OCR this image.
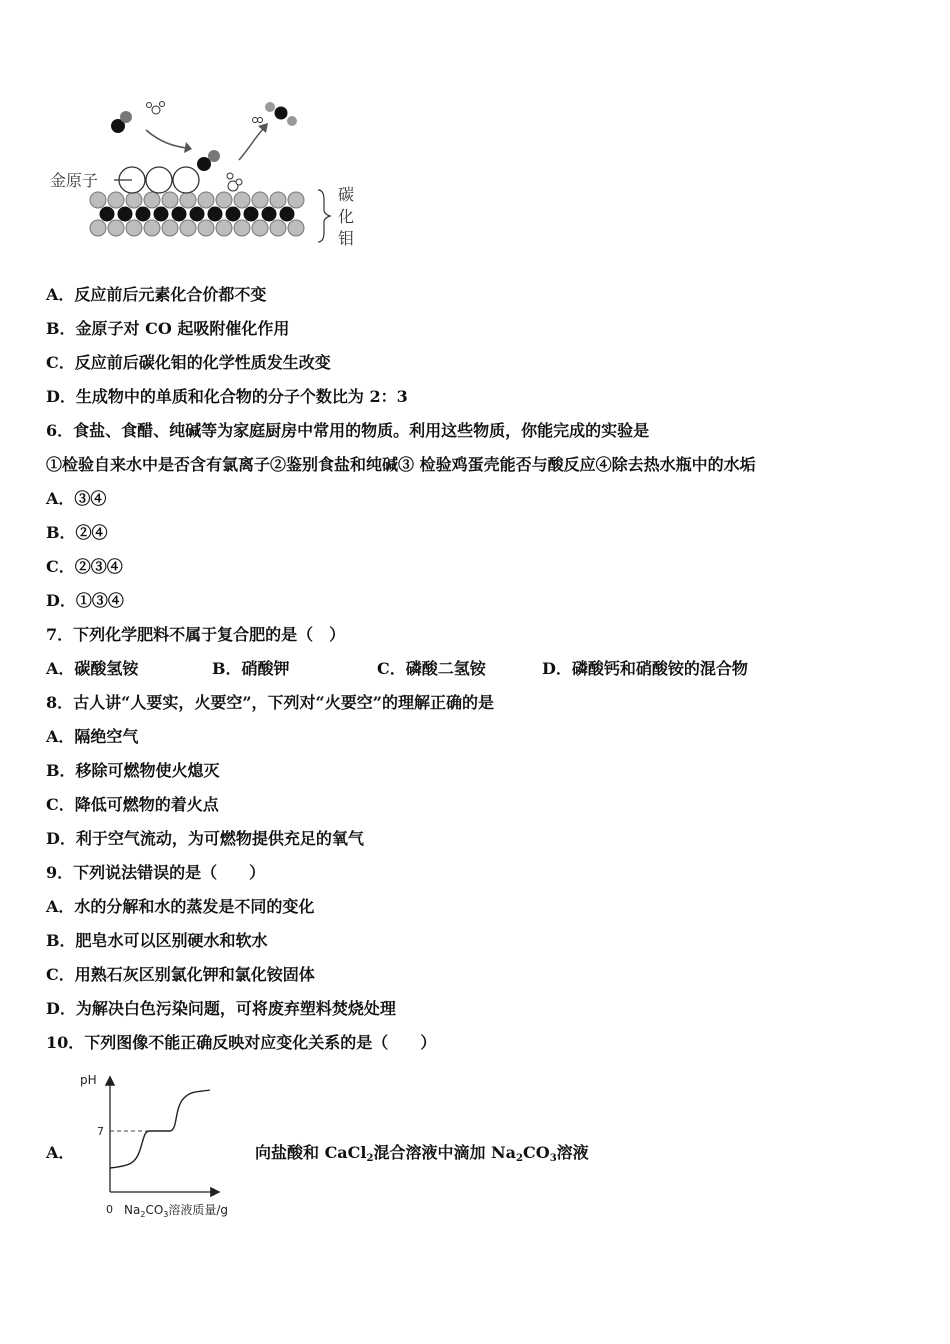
金原子
碳
化
钼
A．反应前后元素化合价都不变
B．金原子对 CO 起吸附催化作用
C．反应前后碳化钼的化学性质发生改变
D．生成物中的单质和化合物的分子个数比为 2：3
6．食盐、食醋、纯碱等为家庭厨房中常用的物质。利用这些物质，你能完成的实验是
①检验自来水中是否含有氯离子②鉴别食盐和纯碱③ 检验鸡蛋壳能否与酸反应④除去热水瓶中的水垢
A．③④
B．②④
C．②③④
D．①③④
7．下列化学肥料不属于复合肥的是（　）
A．碳酸氢铵	B．硝酸钾	C．磷酸二氢铵	D．磷酸钙和硝酸铵的混合物
8．古人讲“人要实，火要空”，下列对“火要空”的理解正确的是
A．隔绝空气
B．移除可燃物使火熄灭
C．降低可燃物的着火点
D．利于空气流动，为可燃物提供充足的氧气
9．下列说法错误的是（　　）
A．水的分解和水的蒸发是不同的变化
B．肥皂水可以区别硬水和软水
C．用熟石灰区别氯化钾和氯化铵固体
D．为解决白色污染问题，可将废弃塑料焚烧处理
10．下列图像不能正确反映对应变化关系的是（　　）
A．
pH
7
0 $Na_2CO_3$溶液质量/g
向盐酸和 CaCl$_2$混合溶液中滴加 $Na_2CO_3$溶液
